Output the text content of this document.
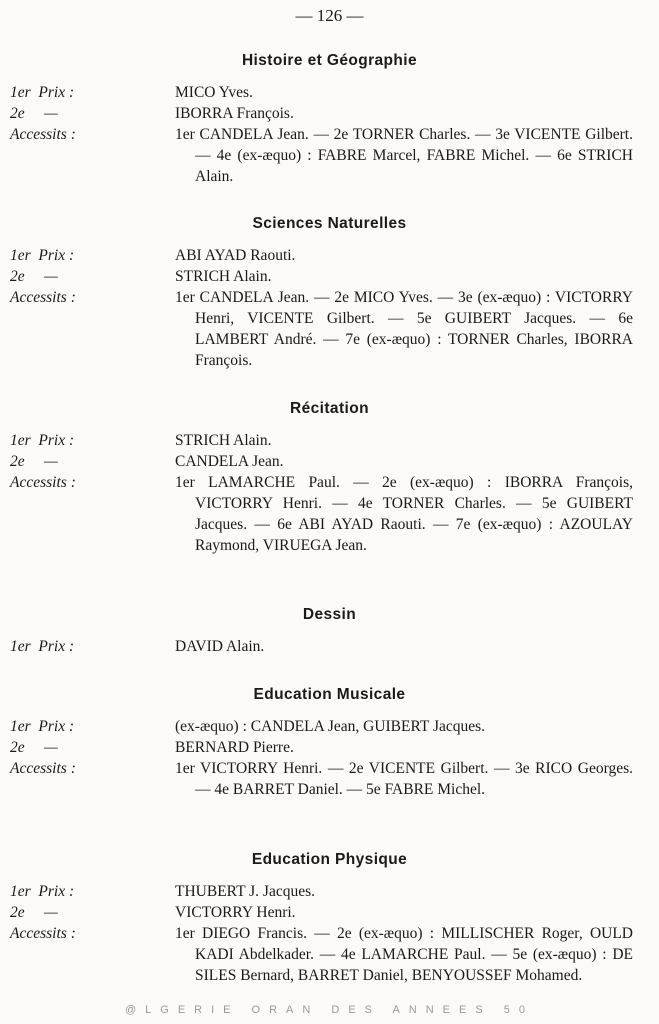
— 126 —
Histoire et Géographie
1er  Prix :	MICO Yves.
2e     —	IBORRA François.
Accessits :	1er CANDELA Jean. — 2e TORNER Charles. — 3e VICENTE Gilbert. — 4e (ex-æquo) : FABRE Marcel, FABRE Michel. — 6e STRICH Alain.
Sciences Naturelles
1er  Prix :	ABI AYAD Raouti.
2e     —	STRICH Alain.
Accessits :	1er CANDELA Jean. — 2e MICO Yves. — 3e (ex-æquo) : VICTORRY Henri, VICENTE Gilbert. — 5e GUIBERT Jacques. — 6e LAMBERT André. — 7e (ex-æquo) : TORNER Charles, IBORRA François.
Récitation
1er  Prix :	STRICH Alain.
2e     —	CANDELA Jean.
Accessits :	1er LAMARCHE Paul. — 2e (ex-æquo) : IBORRA François, VICTORRY Henri. — 4e TORNER Charles. — 5e GUIBERT Jacques. — 6e ABI AYAD Raouti. — 7e (ex-æquo) : AZOULAY Raymond, VIRUEGA Jean.
Dessin
1er  Prix :	DAVID Alain.
Education Musicale
1er  Prix :	(ex-æquo) : CANDELA Jean, GUIBERT Jacques.
2e     —	BERNARD Pierre.
Accessits :	1er VICTORRY Henri. — 2e VICENTE Gilbert. — 3e RICO Georges. — 4e BARRET Daniel. — 5e FABRE Michel.
Education Physique
1er  Prix :	THUBERT J. Jacques.
2e     —	VICTORRY Henri.
Accessits :	1er DIEGO Francis. — 2e (ex-æquo) : MILLISCHER Roger, OULD KADI Abdelkader. — 4e LAMARCHE Paul. — 5e (ex-æquo) : DE SILES Bernard, BARRET Daniel, BENYOUSSEF Mohamed.
@LGERIE ORAN DES ANNEES 50
